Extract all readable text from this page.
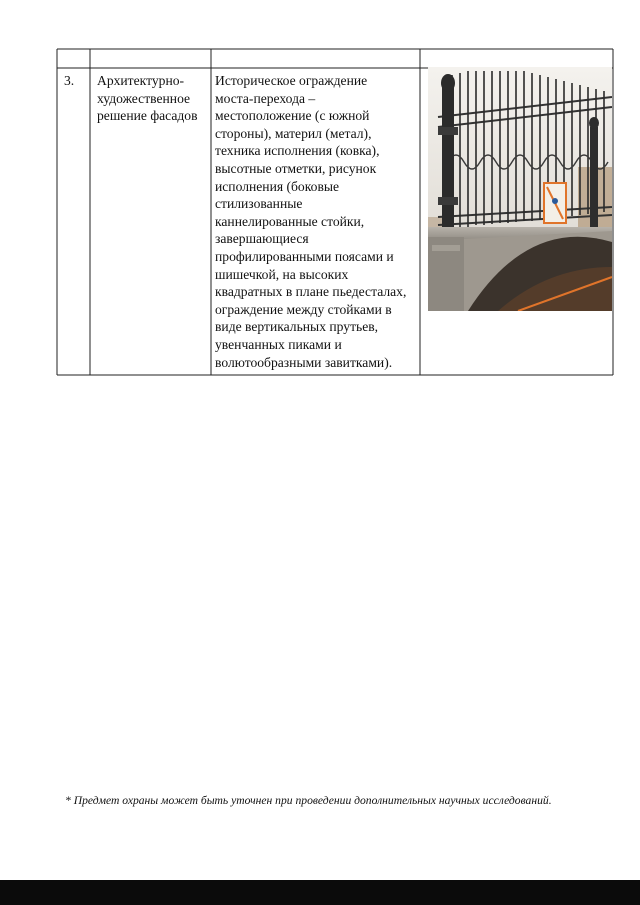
3. Архитектурно-
художественное
решение фасадов
Историческое ограждение
моста-перехода –
местоположение (с южной
стороны), материл (метал),
техника исполнения (ковка),
высотные отметки, рисунок
исполнения (боковые
стилизованные
каннелированные стойки,
завершающиеся
профилированными поясами и
шишечкой, на высоких
квадратных в плане пьедесталах,
ограждение между стойками в
виде вертикальных прутьев,
увенчанных пиками и
волютообразными завитками).
* Предмет охраны может быть уточнен при проведении дополнительных научных исследований.
